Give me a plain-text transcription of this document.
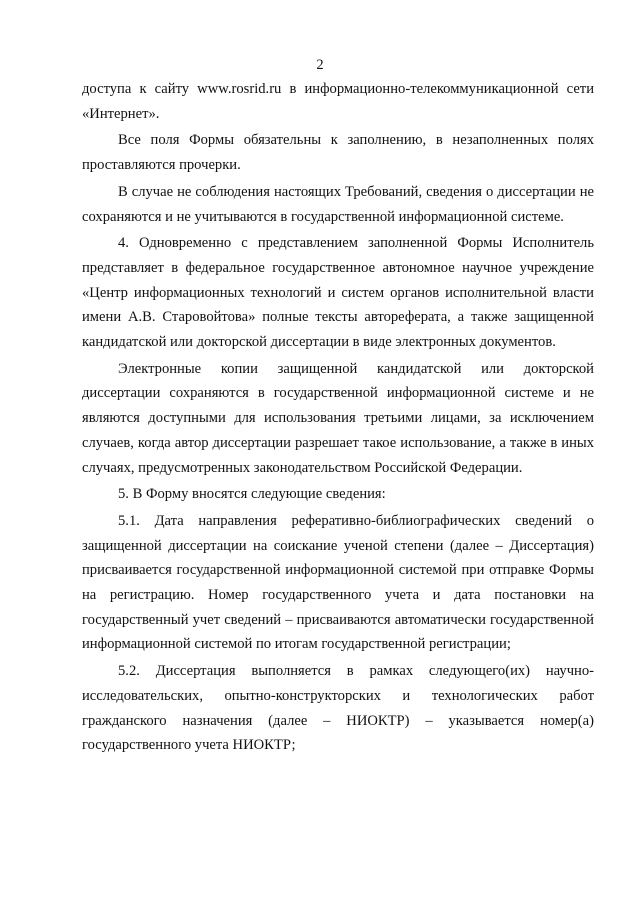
2

доступа к сайту www.rosrid.ru в информационно-телекоммуникационной сети «Интернет».

Все поля Формы обязательны к заполнению, в незаполненных полях проставляются прочерки.

В случае не соблюдения настоящих Требований, сведения о диссертации не сохраняются и не учитываются в государственной информационной системе.

4. Одновременно с представлением заполненной Формы Исполнитель представляет в федеральное государственное автономное научное учреждение «Центр информационных технологий и систем органов исполнительной власти имени А.В. Старовойтова» полные тексты автореферата, а также защищенной кандидатской или докторской диссертации в виде электронных документов.

Электронные копии защищенной кандидатской или докторской диссертации сохраняются в государственной информационной системе и не являются доступными для использования третьими лицами, за исключением случаев, когда автор диссертации разрешает такое использование, а также в иных случаях, предусмотренных законодательством Российской Федерации.

5. В Форму вносятся следующие сведения:

5.1. Дата направления реферативно-библиографических сведений о защищенной диссертации на соискание ученой степени (далее – Диссертация) присваивается государственной информационной системой при отправке Формы на регистрацию. Номер государственного учета и дата постановки на государственный учет сведений – присваиваются автоматически государственной информационной системой по итогам государственной регистрации;

5.2. Диссертация выполняется в рамках следующего(их) научно-исследовательских, опытно-конструкторских и технологических работ гражданского назначения (далее – НИОКТР) – указывается номер(а) государственного учета НИОКТР;
